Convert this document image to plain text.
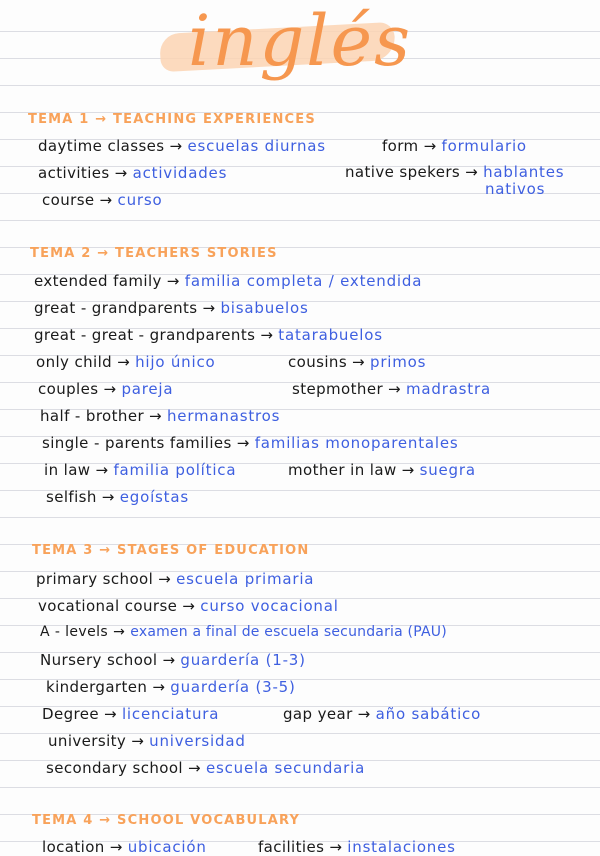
inglés
TEMA 1 → TEACHING EXPERIENCES
daytime classes → escuelas diurnas
activities → actividades
course → curso
form → formulario
native spekers → hablantes
nativos
TEMA 2 → TEACHERS STORIES
extended family → familia completa / extendida
great - grandparents → bisabuelos
great - great - grandparents → tatarabuelos
only child → hijo único	cousins → primos
couples → pareja	stepmother → madrastra
half - brother → hermanastros
single - parents families → familias monoparentales
in law → familia política	mother in law → suegra
selfish → egoístas
TEMA 3 → STAGES OF EDUCATION
primary school → escuela primaria
vocational course → curso vocacional
A - levels → examen a final de escuela secundaria (PAU)
Nursery school → guardería (1-3)
kindergarten → guardería (3-5)
Degree → licenciatura	gap year → año sabático
university → universidad
secondary school → escuela secundaria
TEMA 4 → SCHOOL VOCABULARY
location → ubicación	facilities → instalaciones
